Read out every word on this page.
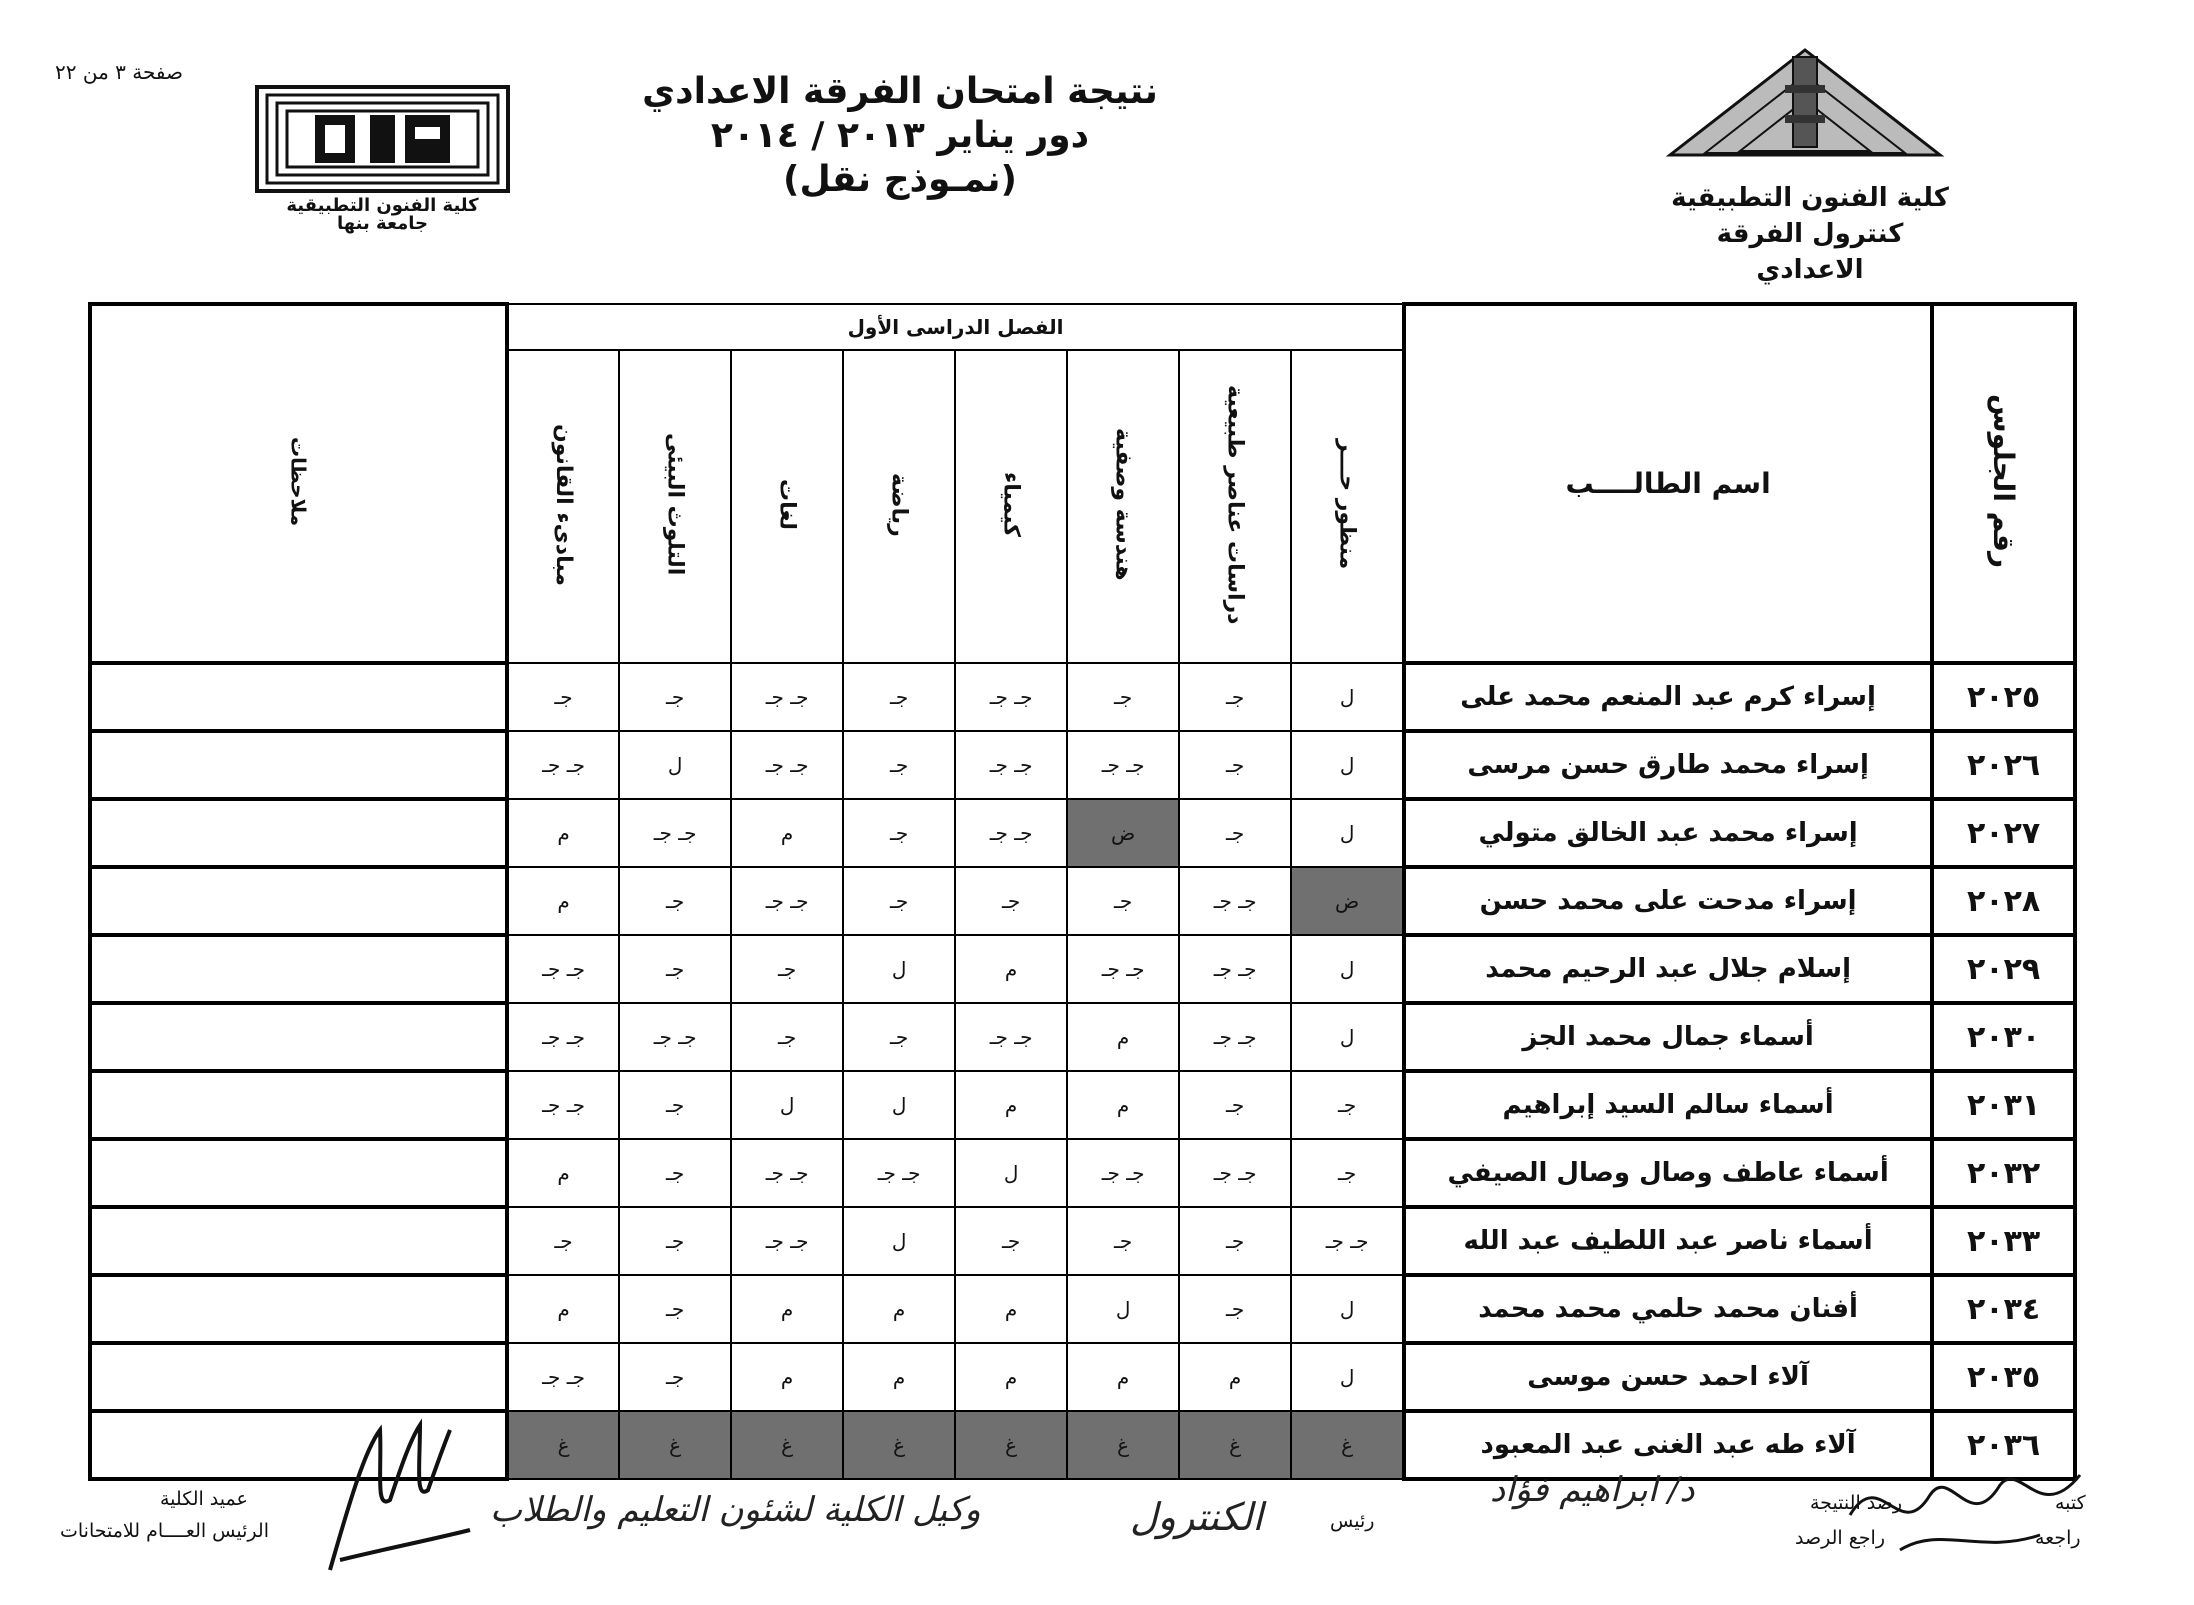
صفحة ٣ من ٢٢	نتيجة امتحان الفرقة الاعدادي
دور يناير ٢٠١٣ / ٢٠١٤
(نمـوذج نقل)
كلية الفنون التطبيقية
جامعة بنها
كلية الفنون التطبيقية
كنترول الفرقة الاعدادي
رقم الجلوس	اسم الطالــــب	الفصل الدراسى الأول								ملاحظات
		منظور حـــر	دراسات عناصر طبيعية	هندسة وصفية	كيمياء	رياضة	لغات	التلوث البيئى	مبادىء القانون	
٢٠٢٥	إسراء كرم عبد المنعم محمد على	ل	جـ	جـ	جـ جـ	جـ	جـ جـ	جـ	جـ	
٢٠٢٦	إسراء محمد طارق حسن مرسى	ل	جـ	جـ جـ	جـ جـ	جـ	جـ جـ	ل	جـ جـ	
٢٠٢٧	إسراء محمد عبد الخالق متولي	ل	جـ	ض	جـ جـ	جـ	م	جـ جـ	م	
٢٠٢٨	إسراء مدحت على محمد حسن	ض	جـ جـ	جـ	جـ	جـ	جـ جـ	جـ	م	
٢٠٢٩	إسلام جلال عبد الرحيم محمد	ل	جـ جـ	جـ جـ	م	ل	جـ	جـ	جـ جـ	
٢٠٣٠	أسماء جمال محمد الجز	ل	جـ جـ	م	جـ جـ	جـ	جـ	جـ جـ	جـ جـ	
٢٠٣١	أسماء سالم السيد إبراهيم	جـ	جـ	م	م	ل	ل	جـ	جـ جـ	
٢٠٣٢	أسماء عاطف وصال وصال الصيفي	جـ	جـ جـ	جـ جـ	ل	جـ جـ	جـ جـ	جـ	م	
٢٠٣٣	أسماء ناصر عبد اللطيف عبد الله	جـ جـ	جـ	جـ	جـ	ل	جـ جـ	جـ	جـ	
٢٠٣٤	أفنان محمد حلمي محمد محمد	ل	جـ	ل	م	م	م	جـ	م	
٢٠٣٥	آلاء احمد حسن موسى	ل	م	م	م	م	م	جـ	جـ جـ	
٢٠٣٦	آلاء طه عبد الغنى عبد المعبود	غ	غ	غ	غ	غ	غ	غ	غ	
كتبه
رصد النتيجة
راجعه
راجع الرصد
د/ ابراهيم فؤاد
رئيس
الكنترول
وكيل الكلية لشئون التعليم والطلاب
عميد الكلية
الرئيس العــــام للامتحانات
